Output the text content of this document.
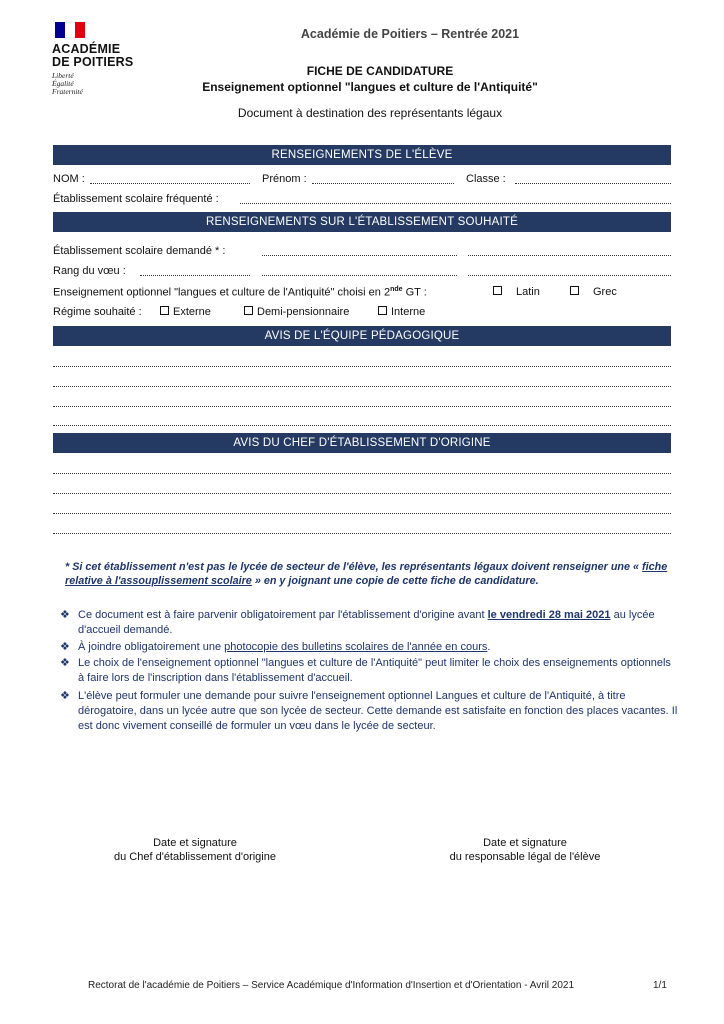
ACADÉMIE
DE POITIERS
Liberté
Égalité
Fraternité
Académie de Poitiers – Rentrée 2021
FICHE DE CANDIDATURE
Enseignement optionnel "langues et culture de l'Antiquité"
Document à destination des représentants légaux
RENSEIGNEMENTS DE L'ÉLÈVE
NOM :	Prénom :	Classe :
Établissement scolaire fréquenté :
RENSEIGNEMENTS SUR L'ÉTABLISSEMENT SOUHAITÉ
Établissement scolaire demandé * :
Rang du vœu :
Enseignement optionnel "langues et culture de l'Antiquité" choisi en 2nde GT :	Latin	Grec
Régime souhaité :	Externe	Demi-pensionnaire	Interne
AVIS DE L'ÉQUIPE PÉDAGOGIQUE
AVIS DU CHEF D'ÉTABLISSEMENT D'ORIGINE
* Si cet établissement n'est pas le lycée de secteur de l'élève, les représentants légaux doivent renseigner une « fiche relative à l'assouplissement scolaire » en y joignant une copie de cette fiche de candidature.
❖ Ce document est à faire parvenir obligatoirement par l'établissement d'origine avant le vendredi 28 mai 2021 au lycée d'accueil demandé.
❖ À joindre obligatoirement une photocopie des bulletins scolaires de l'année en cours.
❖ Le choix de l'enseignement optionnel "langues et culture de l'Antiquité" peut limiter le choix des enseignements optionnels à faire lors de l'inscription dans l'établissement d'accueil.
❖ L'élève peut formuler une demande pour suivre l'enseignement optionnel Langues et culture de l'Antiquité, à titre dérogatoire, dans un lycée autre que son lycée de secteur. Cette demande est satisfaite en fonction des places vacantes. Il est donc vivement conseillé de formuler un vœu dans le lycée de secteur.
Date et signature
du Chef d'établissement d'origine
Date et signature
du responsable légal de l'élève
Rectorat de l'académie de Poitiers – Service Académique d'Information d'Insertion et d'Orientation - Avril 2021	1/1
